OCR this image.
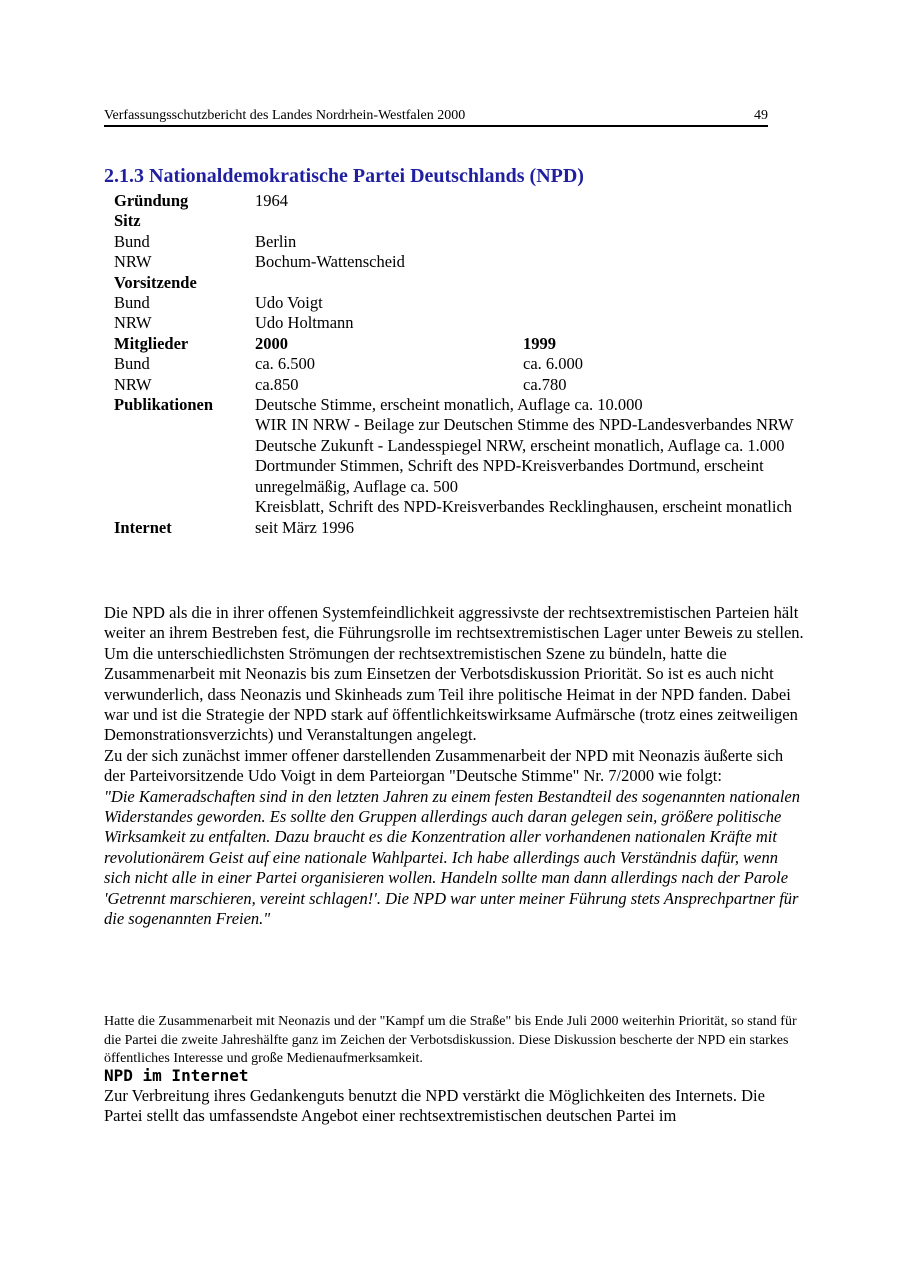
Verfassungsschutzbericht des Landes Nordrhein-Westfalen 2000	49
2.1.3 Nationaldemokratische Partei Deutschlands (NPD)
Gründung	1964
Sitz
Bund	Berlin
NRW	Bochum-Wattenscheid
Vorsitzende
Bund	Udo Voigt
NRW	Udo Holtmann
Mitglieder	2000	1999
Bund	ca. 6.500	ca. 6.000
NRW	ca.850	ca.780
Publikationen	Deutsche Stimme, erscheint monatlich, Auflage ca. 10.000
WIR IN NRW - Beilage zur Deutschen Stimme des NPD-Landesverbandes NRW
Deutsche Zukunft - Landesspiegel NRW, erscheint monatlich, Auflage ca. 1.000
Dortmunder Stimmen, Schrift des NPD-Kreisverbandes Dortmund, erscheint unregelmäßig, Auflage ca. 500
Kreisblatt, Schrift des NPD-Kreisverbandes Recklinghausen, erscheint monatlich
Internet	seit März 1996

Die NPD als die in ihrer offenen Systemfeindlichkeit aggressivste der rechtsextremistischen Parteien hält weiter an ihrem Bestreben fest, die Führungsrolle im rechtsextremistischen Lager unter Beweis zu stellen. Um die unterschiedlichsten Strömungen der rechtsextremistischen Szene zu bündeln, hatte die Zusammenarbeit mit Neonazis bis zum Einsetzen der Verbotsdiskussion Priorität. So ist es auch nicht verwunderlich, dass Neonazis und Skinheads zum Teil ihre politische Heimat in der NPD fanden. Dabei war und ist die Strategie der NPD stark auf öffentlichkeitswirksame Aufmärsche (trotz eines zeitweiligen Demonstrationsverzichts) und Veranstaltungen angelegt.

Zu der sich zunächst immer offener darstellenden Zusammenarbeit der NPD mit Neonazis äußerte sich der Parteivorsitzende Udo Voigt in dem Parteiorgan "Deutsche Stimme" Nr. 7/2000 wie folgt:

"Die Kameradschaften sind in den letzten Jahren zu einem festen Bestandteil des sogenannten nationalen Widerstandes geworden. Es sollte den Gruppen allerdings auch daran gelegen sein, größere politische Wirksamkeit zu entfalten. Dazu braucht es die Konzentration aller vorhandenen nationalen Kräfte mit revolutionärem Geist auf eine nationale Wahlpartei. Ich habe allerdings auch Verständnis dafür, wenn sich nicht alle in einer Partei organisieren wollen. Handeln sollte man dann allerdings nach der Parole 'Getrennt marschieren, vereint schlagen!'. Die NPD war unter meiner Führung stets Ansprechpartner für die sogenannten Freien."

Hatte die Zusammenarbeit mit Neonazis und der "Kampf um die Straße" bis Ende Juli 2000 weiterhin Priorität, so stand für die Partei die zweite Jahreshälfte ganz im Zeichen der Verbotsdiskussion. Diese Diskussion bescherte der NPD ein starkes öffentliches Interesse und große Medienaufmerksamkeit.

NPD im Internet

Zur Verbreitung ihres Gedankenguts benutzt die NPD verstärkt die Möglichkeiten des Internets. Die Partei stellt das umfassendste Angebot einer rechtsextremistischen deutschen Partei im
